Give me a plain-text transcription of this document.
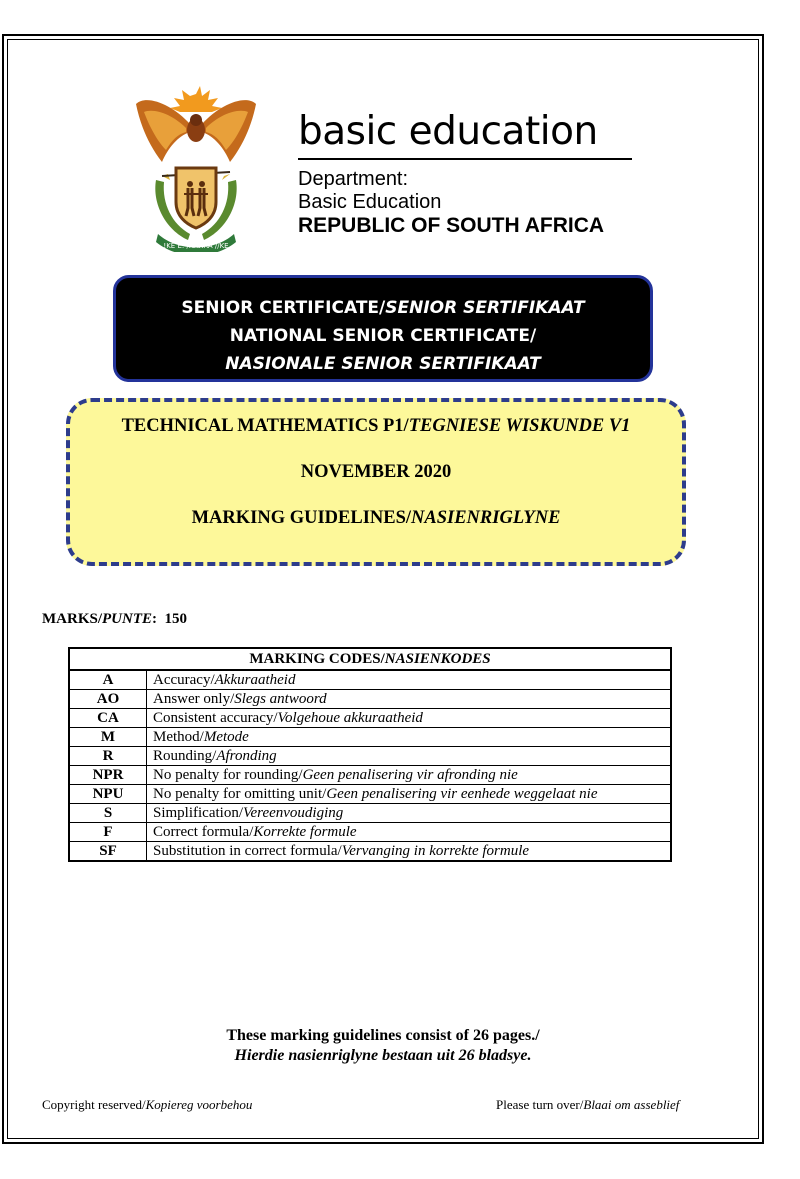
!KE E: /XARRA //KE
basic education
Department:
Basic Education
REPUBLIC OF SOUTH AFRICA
SENIOR CERTIFICATE/SENIOR SERTIFIKAAT
NATIONAL SENIOR CERTIFICATE/
NASIONALE SENIOR SERTIFIKAAT
TECHNICAL MATHEMATICS P1/TEGNIESE WISKUNDE V1
NOVEMBER 2020
MARKING GUIDELINES/NASIENRIGLYNE
MARKS/PUNTE:  150
MARKING CODES/NASIENKODES	
A	Accuracy/Akkuraatheid
AO	Answer only/Slegs antwoord
CA	Consistent accuracy/Volgehoue akkuraatheid
M	Method/Metode
R	Rounding/Afronding
NPR	No penalty for rounding/Geen penalisering vir afronding nie
NPU	No penalty for omitting unit/Geen penalisering vir eenhede weggelaat nie
S	Simplification/Vereenvoudiging
F	Correct formula/Korrekte formule
SF	Substitution in correct formula/Vervanging in korrekte formule
These marking guidelines consist of 26 pages./
Hierdie nasienriglyne bestaan uit 26 bladsye.
Copyright reserved/Kopiereg voorbehou	Please turn over/Blaai om asseblief
